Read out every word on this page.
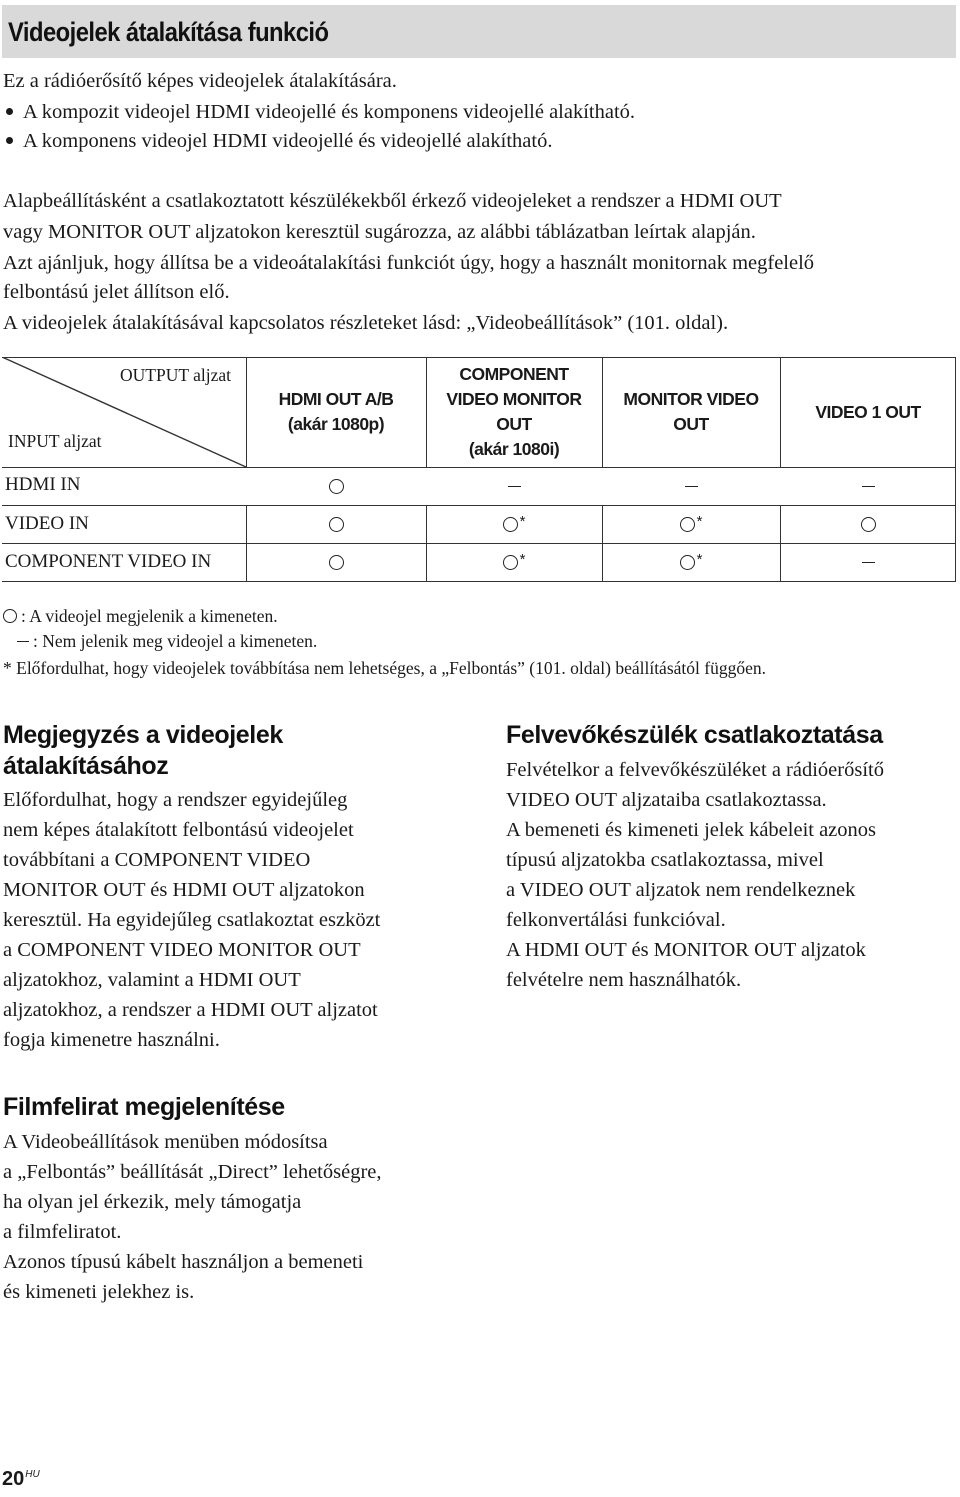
Videojelek átalakítása funkció

Ez a rádióerősítő képes videojelek átalakítására.

A kompozit videojel HDMI videojellé és komponens videojellé alakítható.
A komponens videojel HDMI videojellé és videojellé alakítható.

Alapbeállításként a csatlakoztatott készülékekből érkező videojeleket a rendszer a HDMI OUT

vagy MONITOR OUT aljzatokon keresztül sugározza, az alábbi táblázatban leírtak alapján.

Azt ajánljuk, hogy állítsa be a videoátalakítási funkciót úgy, hogy a használt monitornak megfelelő

felbontású jelet állítson elő.

A videojelek átalakításával kapcsolatos részleteket lásd: „Videobeállítások” (101. oldal).

OUTPUT aljzat
INPUT aljzat
HDMI OUT A/B
(akár 1080p)
COMPONENT
VIDEO MONITOR
OUT
(akár 1080i)
MONITOR VIDEO
OUT
VIDEO 1 OUT
HDMI IN
VIDEO IN
COMPONENT VIDEO IN
*	*
*	*
: A videojel megjelenik a kimeneten.
: Nem jelenik meg videojel a kimeneten.
* Előfordulhat, hogy videojelek továbbítása nem lehetséges, a „Felbontás” (101. oldal) beállításától függően.
Megjegyzés a videojelek
átalakításához
Előfordulhat, hogy a rendszer egyidejűleg
nem képes átalakított felbontású videojelet
továbbítani a COMPONENT VIDEO
MONITOR OUT és HDMI OUT aljzatokon
keresztül. Ha egyidejűleg csatlakoztat eszközt
a COMPONENT VIDEO MONITOR OUT
aljzatokhoz, valamint a HDMI OUT
aljzatokhoz, a rendszer a HDMI OUT aljzatot
fogja kimenetre használni.
Felvevőkészülék csatlakoztatása
Felvételkor a felvevőkészüléket a rádióerősítő
VIDEO OUT aljzataiba csatlakoztassa.
A bemeneti és kimeneti jelek kábeleit azonos
típusú aljzatokba csatlakoztassa, mivel
a VIDEO OUT aljzatok nem rendelkeznek
felkonvertálási funkcióval.
A HDMI OUT és MONITOR OUT aljzatok
felvételre nem használhatók.
Filmfelirat megjelenítése
A Videobeállítások menüben módosítsa
a „Felbontás” beállítását „Direct” lehetőségre,
ha olyan jel érkezik, mely támogatja
a filmfeliratot.
Azonos típusú kábelt használjon a bemeneti
és kimeneti jelekhez is.
$20^{HU}$
